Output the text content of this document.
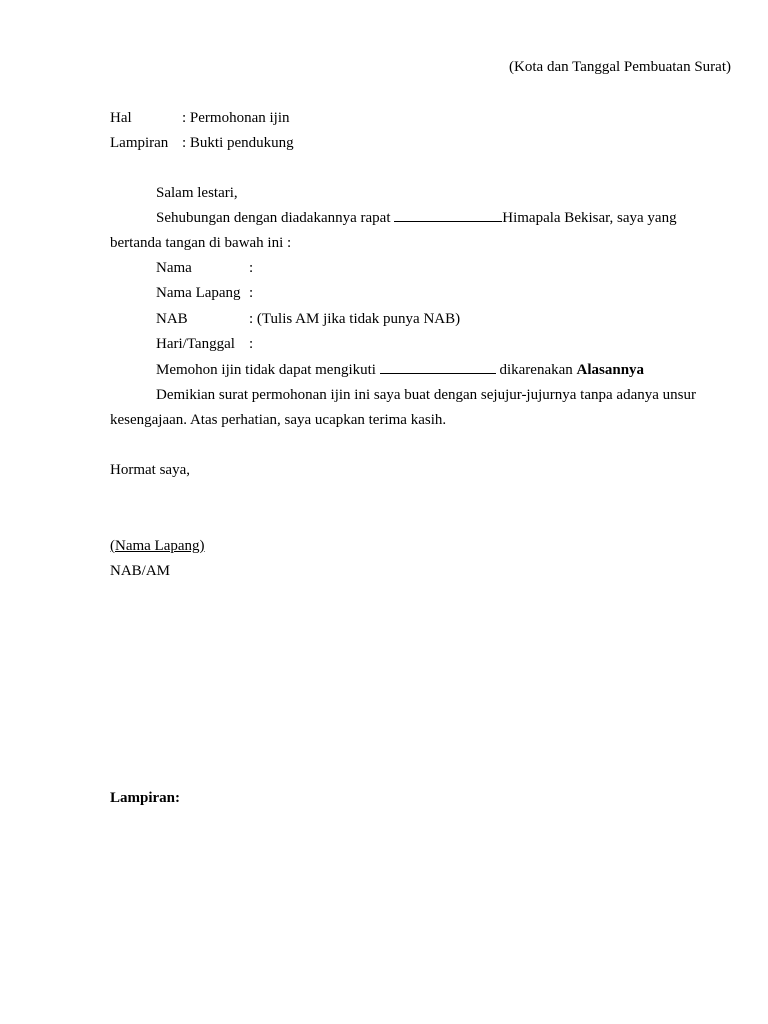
(Kota dan Tanggal Pembuatan Surat)
Hal	: Permohonan ijin
Lampiran : Bukti pendukung
Salam lestari,
Sehubungan dengan diadakannya rapat	Himapala Bekisar, saya yang
bertanda tangan di bawah ini :
Nama	:
Nama Lapang :
NAB	: (Tulis AM jika tidak punya NAB)
Hari/Tanggal :
Memohon ijin tidak dapat mengikuti	dikarenakan Alasannya
Demikian surat permohonan ijin ini saya buat dengan sejujur-jujurnya tanpa adanya unsur
kesengajaan. Atas perhatian, saya ucapkan terima kasih.
Hormat saya,
(Nama Lapang)
NAB/AM
Lampiran:
